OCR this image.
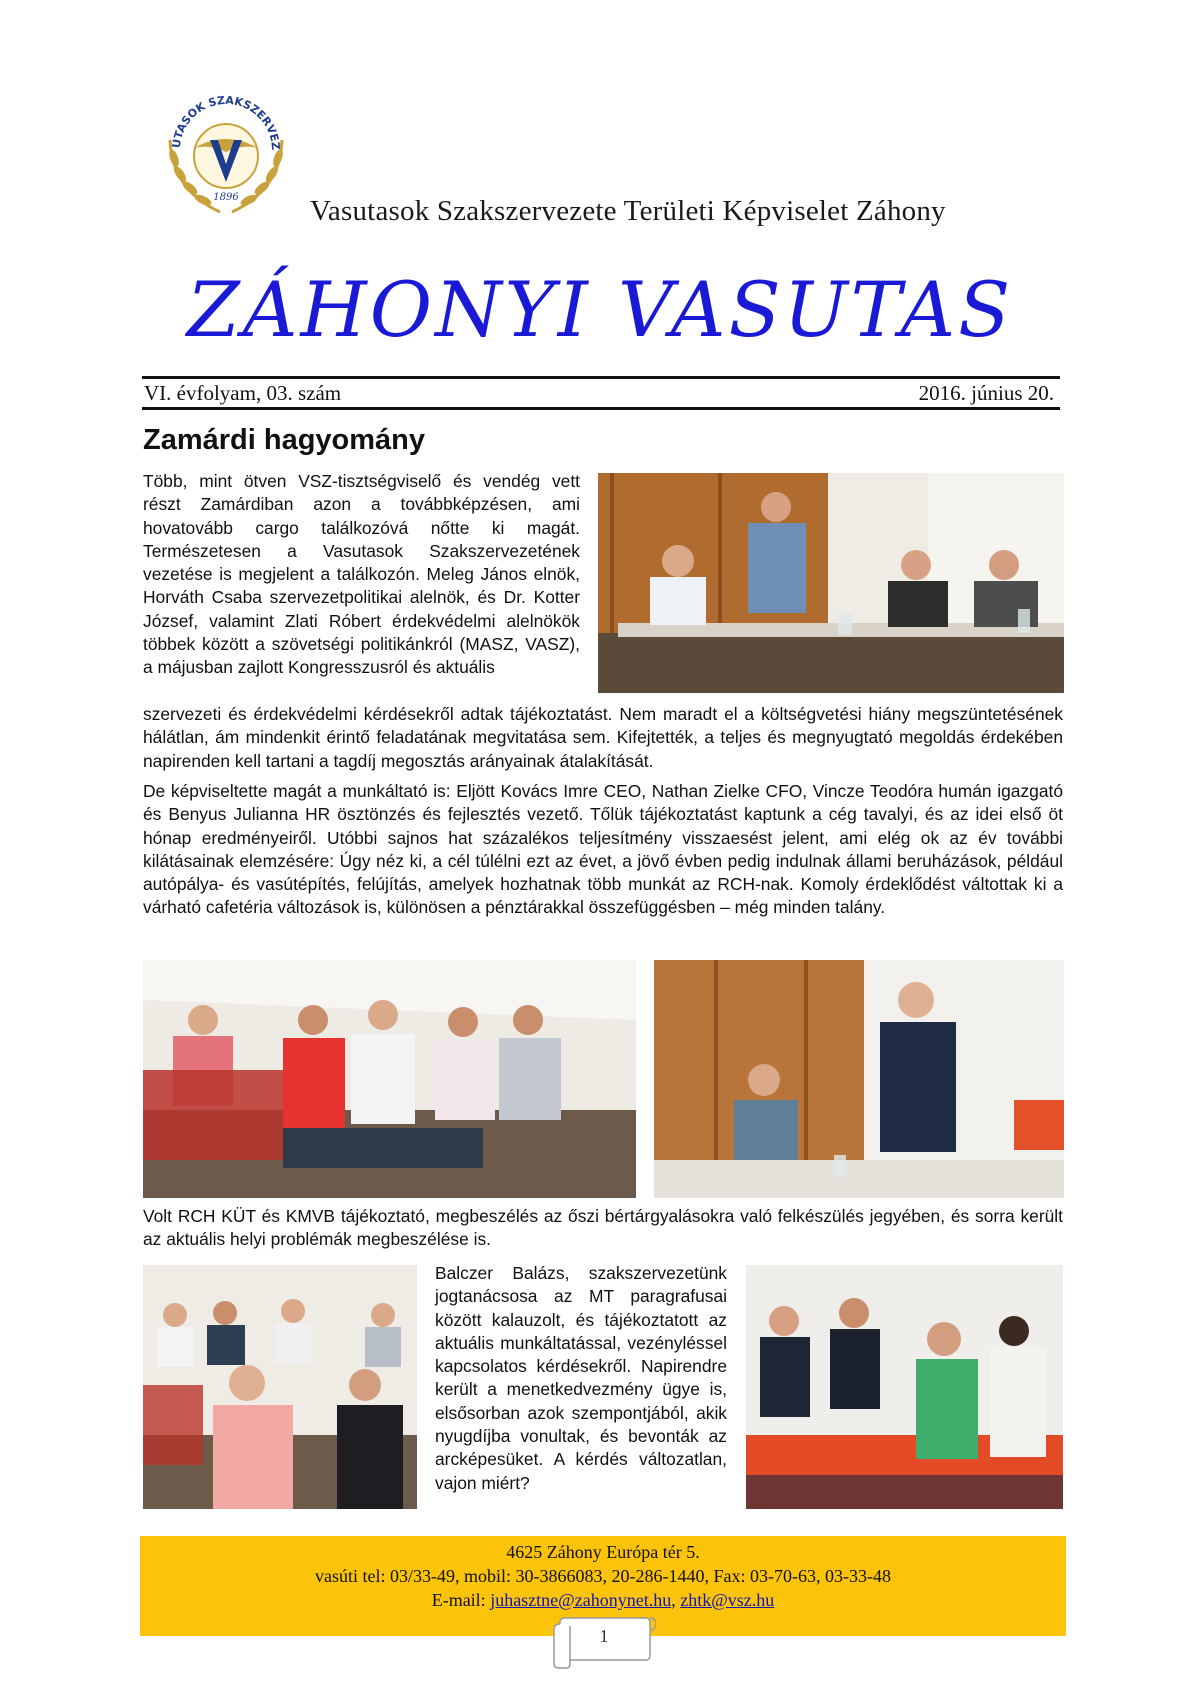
UTASOK SZAKSZERVEZ
1896 Vasutasok Szakszervezete Területi Képviselet Záhony
ZÁHONYI VASUTAS
VI. évfolyam, 03. szám	2016. június 20.
Zamárdi hagyomány
Több, mint ötven VSZ-tisztségviselő és vendég vett részt Zamárdiban azon a továbbképzésen, ami hovatovább cargo találkozóvá nőtte ki magát. Természetesen a Vasutasok Szakszervezetének vezetése is megjelent a találkozón. Meleg János elnök, Horváth Csaba szervezetpolitikai alelnök, és Dr. Kotter József, valamint Zlati Róbert érdekvédelmi alelnökök többek között a szövetségi politikánkról (MASZ, VASZ), a májusban zajlott Kongresszusról és aktuális
szervezeti és érdekvédelmi kérdésekről adtak tájékoztatást. Nem maradt el a költségvetési hiány megszüntetésének hálátlan, ám mindenkit érintő feladatának megvitatása sem. Kifejtették, a teljes és megnyugtató megoldás érdekében napirenden kell tartani a tagdíj megosztás arányainak átalakítását.
De képviseltette magát a munkáltató is: Eljött Kovács Imre CEO, Nathan Zielke CFO, Vincze Teodóra humán igazgató és Benyus Julianna HR ösztönzés és fejlesztés vezető. Tőlük tájékoztatást kaptunk a cég tavalyi, és az idei első öt hónap eredményeiről. Utóbbi sajnos hat százalékos teljesítmény visszaesést jelent, ami elég ok az év további kilátásainak elemzésére: Úgy néz ki, a cél túlélni ezt az évet, a jövő évben pedig indulnak állami beruházások, például autópálya- és vasútépítés, felújítás, amelyek hozhatnak több munkát az RCH-nak. Komoly érdeklődést váltottak ki a várható cafetéria változások is, különösen a pénztárakkal összefüggésben – még minden talány.
Volt RCH KÜT és KMVB tájékoztató, megbeszélés az őszi bértárgyalásokra való felkészülés jegyében, és sorra került az aktuális helyi problémák megbeszélése is.
Balczer Balázs, szakszervezetünk jogtanácsosa az MT paragrafusai között kalauzolt, és tájékoztatott az aktuális munkáltatással, vezényléssel kapcsolatos kérdésekről. Napirendre került a menetkedvezmény ügye is, elsősorban azok szempontjából, akik nyugdíjba vonultak, és bevonták az arcképesüket. A kérdés változatlan, vajon miért?
4625 Záhony Európa tér 5.
vasúti tel: 03/33-49, mobil: 30-3866083, 20-286-1440, Fax: 03-70-63, 03-33-48
E-mail: juhasztne@zahonynet.hu, zhtk@vsz.hu
1
